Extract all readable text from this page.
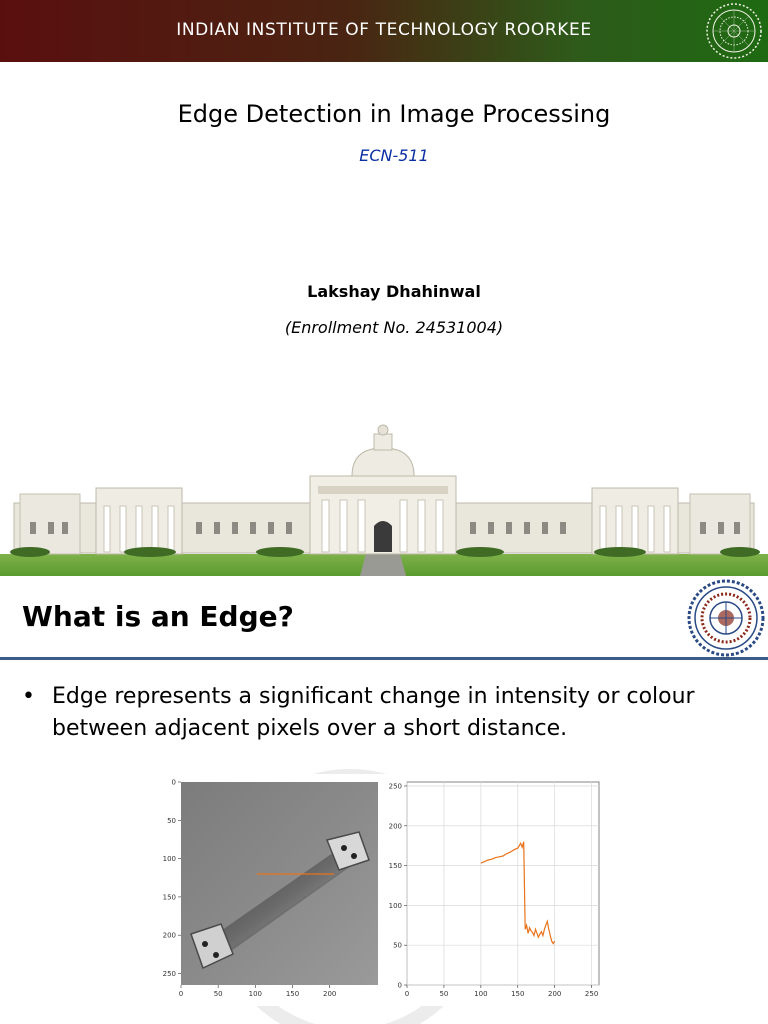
INDIAN INSTITUTE OF TECHNOLOGY ROORKEE
Edge Detection in Image Processing
ECN-511
Lakshay Dhahinwal
(Enrollment No. 24531004)
What is an Edge?
• Edge represents a significant change in intensity or colour between adjacent pixels over a short distance.
0	50	100	150	200
0
50
100
150
200
250
0	50	100	150	200	250
0
50
100
150
200
250
